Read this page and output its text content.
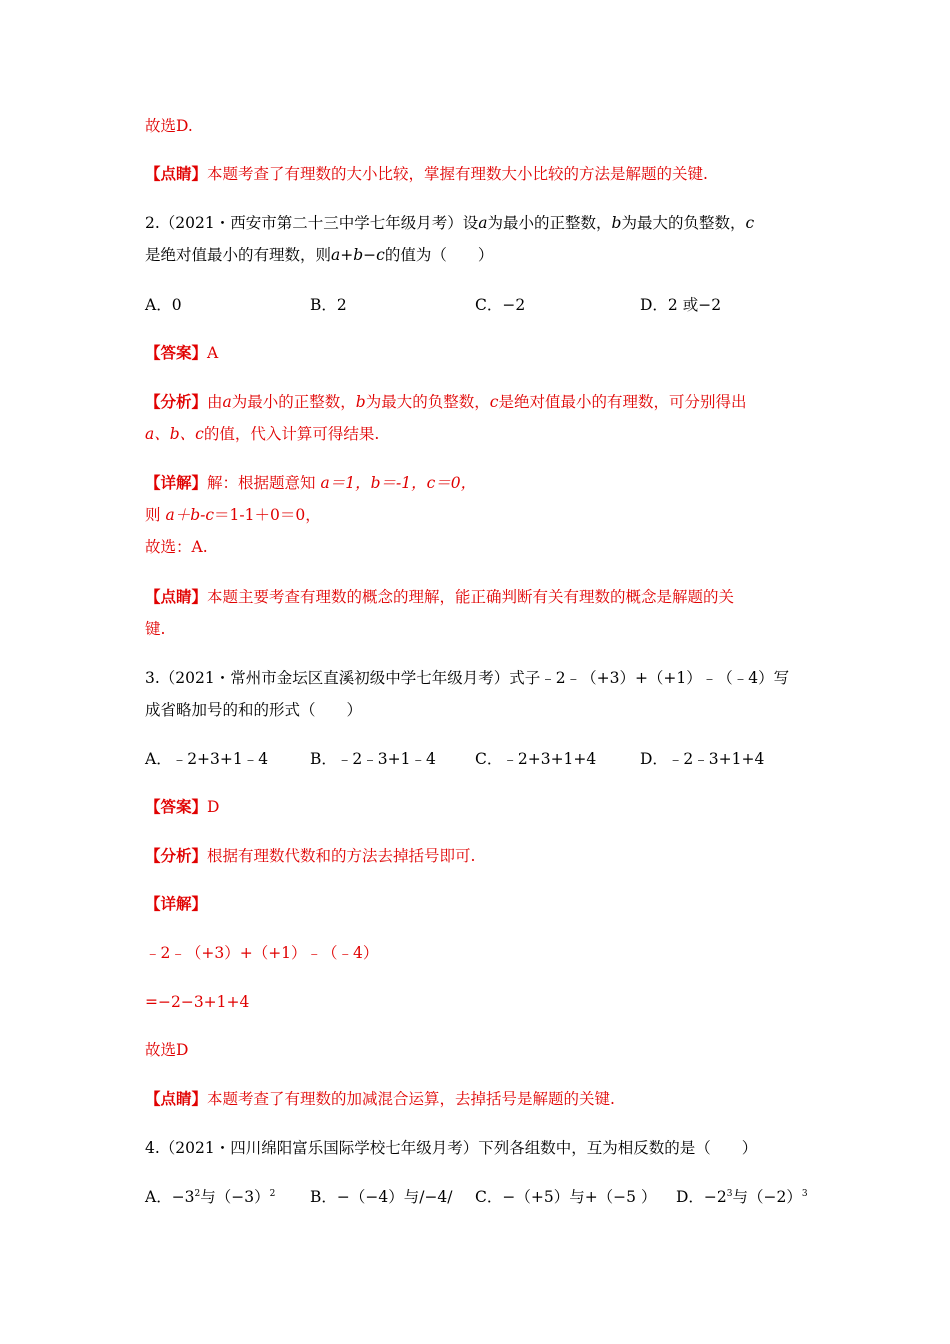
故选D.
【点睛】本题考查了有理数的大小比较，掌握有理数大小比较的方法是解题的关键.
2.（2021・西安市第二十三中学七年级月考）设a为最小的正整数，b为最大的负整数，c
是绝对值最小的有理数，则a+b−c的值为（　　）
A．0	B．2	C．−2	D．2 或−2
【答案】A
【分析】由a为最小的正整数，b为最大的负整数，c是绝对值最小的有理数，可分别得出
a、b、c的值，代入计算可得结果.
【详解】解：根据题意知 a＝1，b＝-1，c＝0，
则 a＋b-c＝1-1＋0＝0，
故选：A.
【点睛】本题主要考查有理数的概念的理解，能正确判断有关有理数的概念是解题的关
键.
3.（2021・常州市金坛区直溪初级中学七年级月考）式子﹣2﹣（+3）+（+1）﹣（﹣4）写
成省略加号的和的形式（　　）
A．﹣2+3+1﹣4	B．﹣2﹣3+1﹣4	C．﹣2+3+1+4	D．﹣2﹣3+1+4
【答案】D
【分析】根据有理数代数和的方法去掉括号即可.
【详解】
﹣2﹣（+3）+（+1）﹣（﹣4）
=−2−3+1+4
故选D
【点睛】本题考查了有理数的加减混合运算，去掉括号是解题的关键.
4.（2021・四川绵阳富乐国际学校七年级月考）下列各组数中，互为相反数的是（　　）
A．$-3^2$与$(-3)^2$ B．−（−4）与/−4/ C．−（+5）与+（−5 ） D．$-2^3$与$(-2)^3$
